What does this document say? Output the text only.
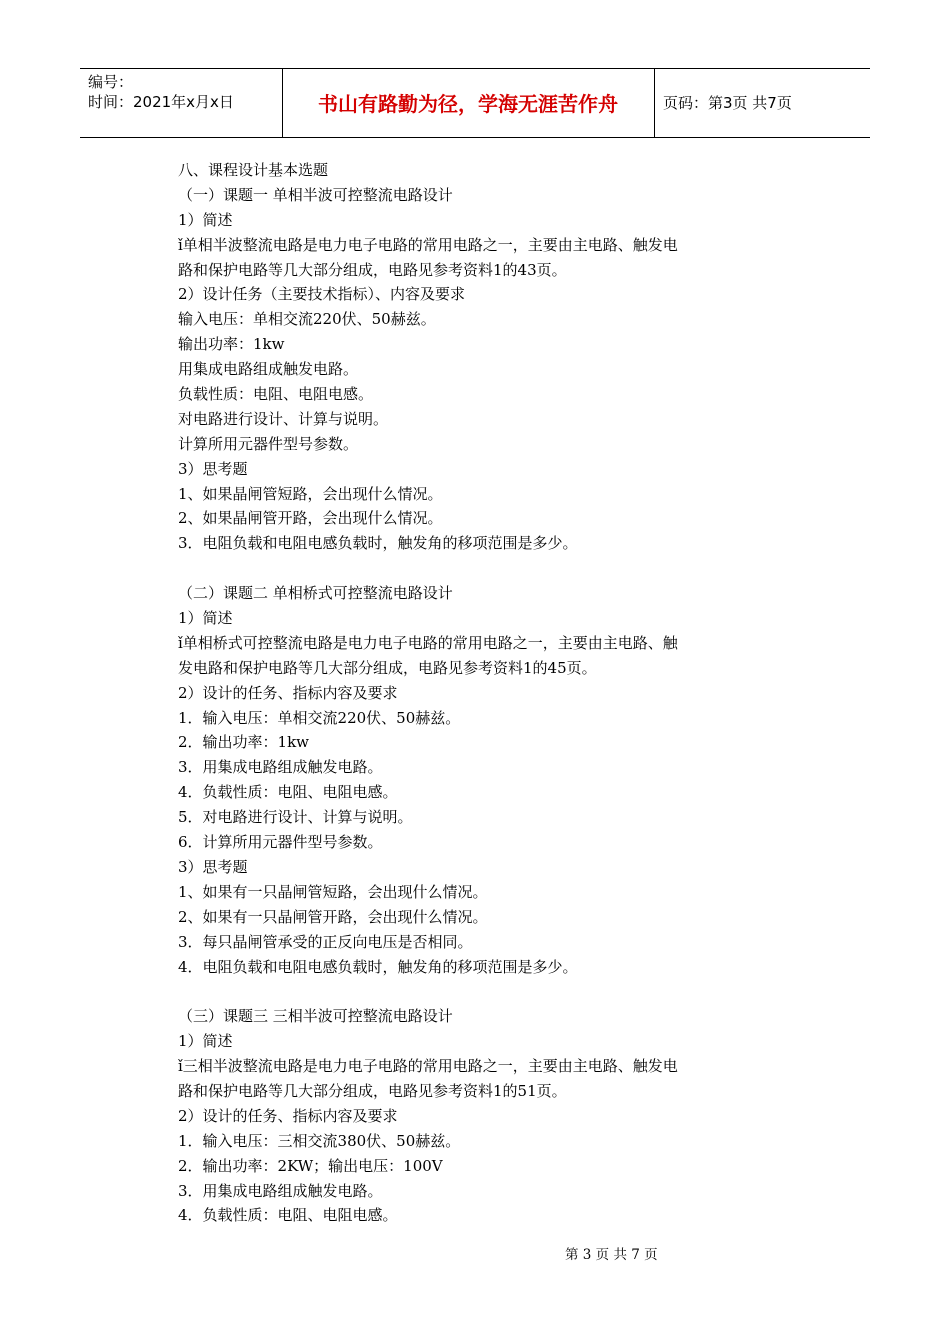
编号：
时间：2021年x月x日	书山有路勤为径，学海无涯苦作舟	页码：第3页 共7页
八、课程设计基本选题
（一）课题一 单相半波可控整流电路设计
1）简述
ǐ单相半波整流电路是电力电子电路的常用电路之一，主要由主电路、触发电
路和保护电路等几大部分组成，电路见参考资料1的43页。
2）设计任务（主要技术指标）、内容及要求
输入电压：单相交流220伏、50赫兹。
输出功率：1kw
用集成电路组成触发电路。
负载性质：电阻、电阻电感。
对电路进行设计、计算与说明。
计算所用元器件型号参数。
3）思考题
1、如果晶闸管短路，会出现什么情况。
2、如果晶闸管开路，会出现什么情况。
3．电阻负载和电阻电感负载时，触发角的移项范围是多少。
（二）课题二 单相桥式可控整流电路设计
1）简述
ǐ单相桥式可控整流电路是电力电子电路的常用电路之一，主要由主电路、触
发电路和保护电路等几大部分组成，电路见参考资料1的45页。
2）设计的任务、指标内容及要求
1．输入电压：单相交流220伏、50赫兹。
2．输出功率：1kw
3．用集成电路组成触发电路。
4．负载性质：电阻、电阻电感。
5．对电路进行设计、计算与说明。
6．计算所用元器件型号参数。
3）思考题
1、如果有一只晶闸管短路，会出现什么情况。
2、如果有一只晶闸管开路，会出现什么情况。
3．每只晶闸管承受的正反向电压是否相同。
4．电阻负载和电阻电感负载时，触发角的移项范围是多少。
（三）课题三 三相半波可控整流电路设计
1）简述
ǐ三相半波整流电路是电力电子电路的常用电路之一，主要由主电路、触发电
路和保护电路等几大部分组成，电路见参考资料1的51页。
2）设计的任务、指标内容及要求
1．输入电压：三相交流380伏、50赫兹。
2．输出功率：2KW；输出电压：100V
3．用集成电路组成触发电路。
4．负载性质：电阻、电阻电感。
第 3 页 共 7 页
